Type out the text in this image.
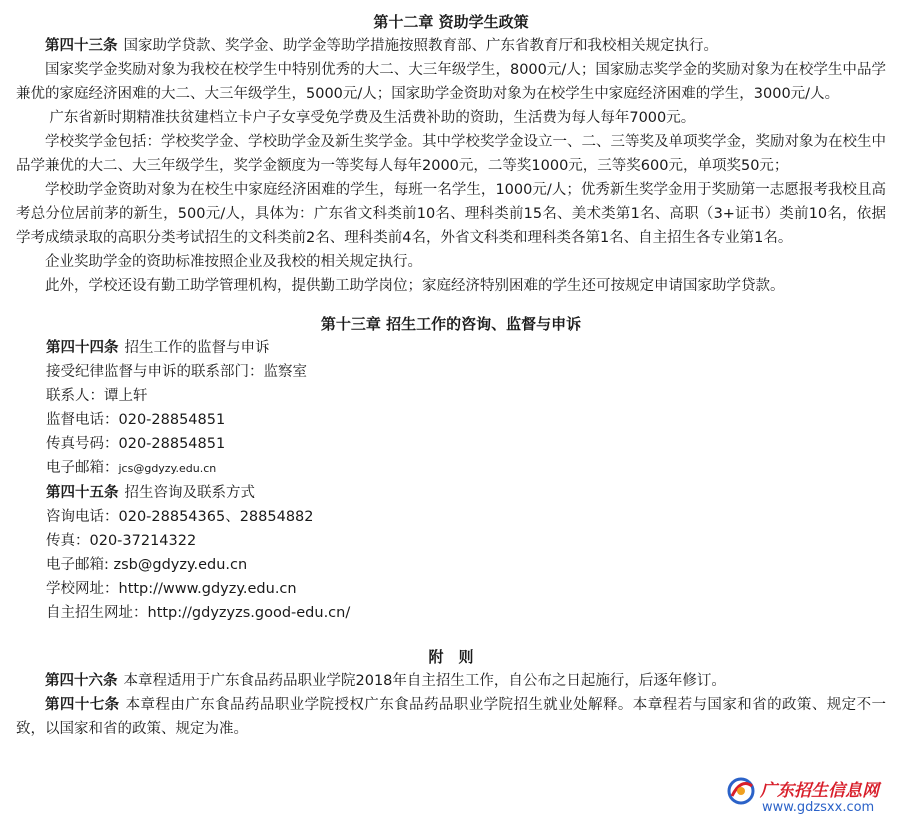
第十二章 资助学生政策

第四十三条 国家助学贷款、奖学金、助学金等助学措施按照教育部、广东省教育厅和我校相关规定执行。

国家奖学金奖励对象为我校在校学生中特别优秀的大二、大三年级学生，8000元/人；国家励志奖学金的奖励对象为在校学生中品学兼优的家庭经济困难的大二、大三年级学生，5000元/人；国家助学金资助对象为在校学生中家庭经济困难的学生，3000元/人。

广东省新时期精准扶贫建档立卡户子女享受免学费及生活费补助的资助，生活费为每人每年7000元。

学校奖学金包括：学校奖学金、学校助学金及新生奖学金。其中学校奖学金设立一、二、三等奖及单项奖学金，奖励对象为在校生中品学兼优的大二、大三年级学生，奖学金额度为一等奖每人每年2000元，二等奖1000元，三等奖600元，单项奖50元；

学校助学金资助对象为在校生中家庭经济困难的学生，每班一名学生，1000元/人；优秀新生奖学金用于奖励第一志愿报考我校且高考总分位居前茅的新生，500元/人，具体为：广东省文科类前10名、理科类前15名、美术类第1名、高职（3+证书）类前10名，依据学考成绩录取的高职分类考试招生的文科类前2名、理科类前4名，外省文科类和理科类各第1名、自主招生各专业第1名。

企业奖助学金的资助标准按照企业及我校的相关规定执行。

此外，学校还设有勤工助学管理机构，提供勤工助学岗位；家庭经济特别困难的学生还可按规定申请国家助学贷款。

第十三章 招生工作的咨询、监督与申诉
第四十四条 招生工作的监督与申诉
接受纪律监督与申诉的联系部门：监察室
联系人：谭上轩
监督电话：020-28854851
传真号码：020-28854851
电子邮箱：jcs@gdyzy.edu.cn
第四十五条 招生咨询及联系方式
咨询电话：020-28854365、28854882
传真：020-37214322
电子邮箱: zsb@gdyzy.edu.cn
学校网址：http://www.gdyzy.edu.cn
自主招生网址：http://gdyzyzs.good-edu.cn/
附　则

第四十六条 本章程适用于广东食品药品职业学院2018年自主招生工作，自公布之日起施行，后逐年修订。

第四十七条 本章程由广东食品药品职业学院授权广东食品药品职业学院招生就业处解释。本章程若与国家和省的政策、规定不一致，以国家和省的政策、规定为准。

广东招生信息网
www.gdzsxx.com
